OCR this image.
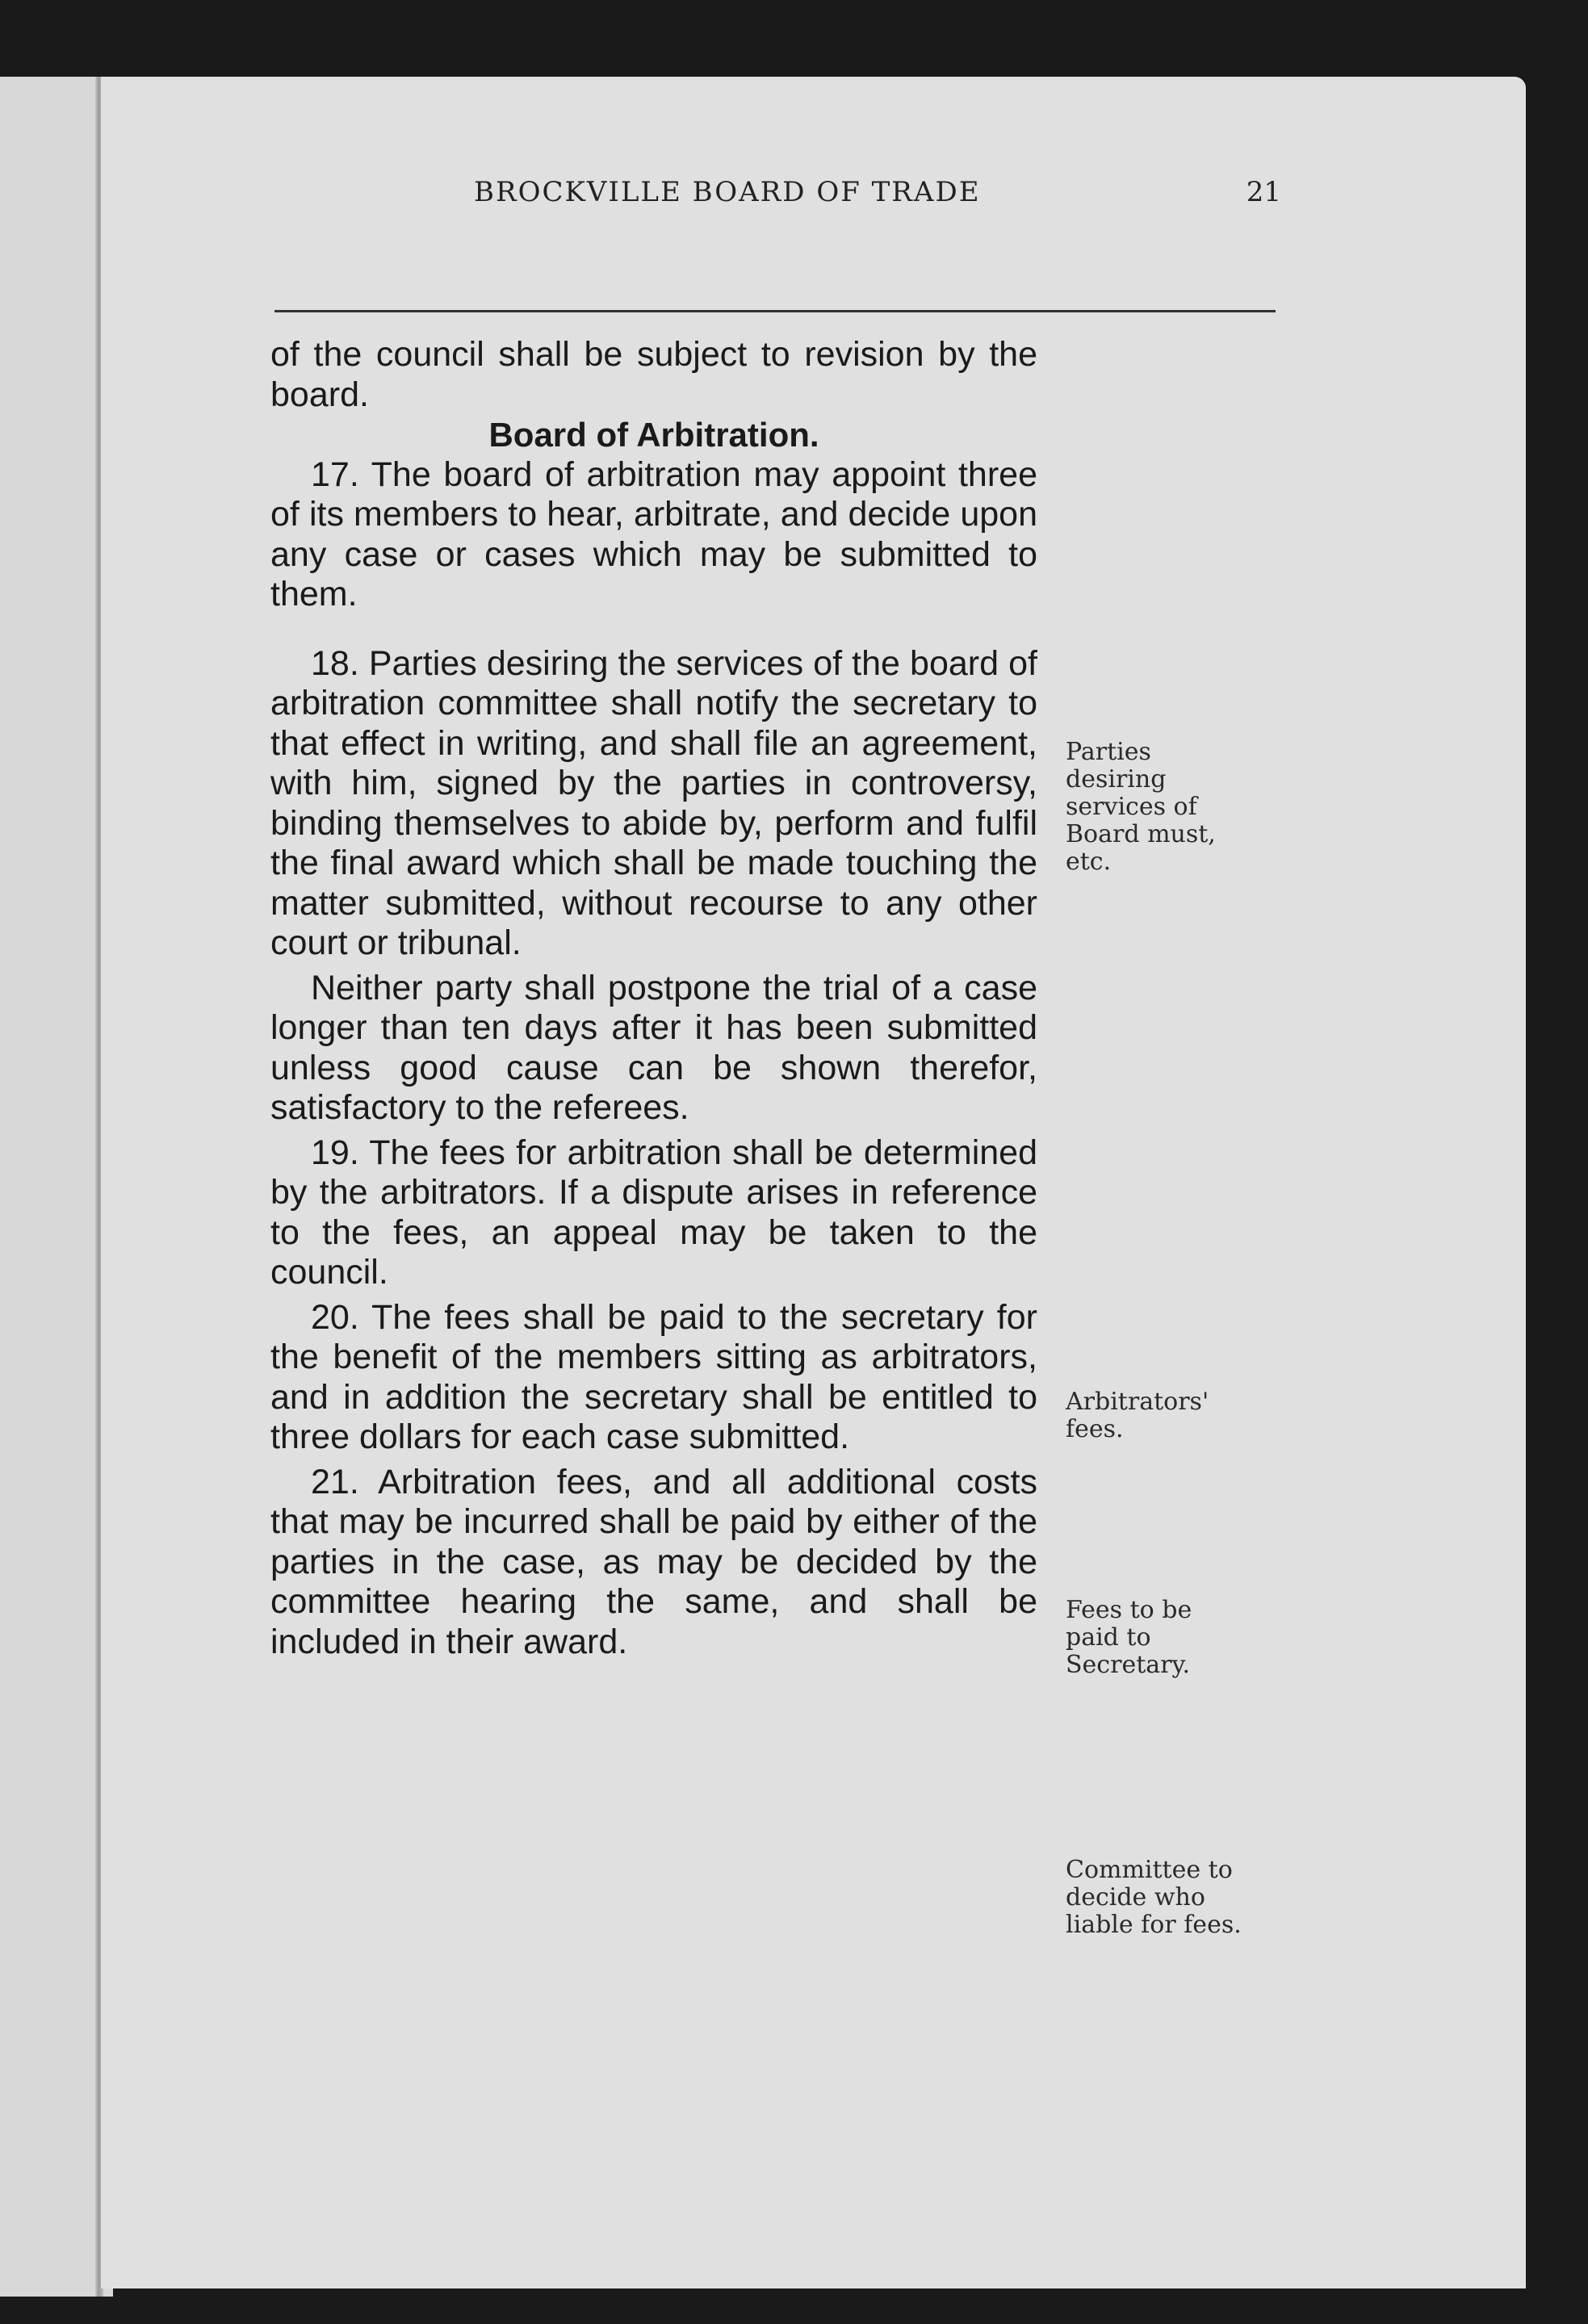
BROCKVILLE BOARD OF TRADE	21

of the council shall be subject to revision by the board.

Board of Arbitration.

17. The board of arbitration may appoint three of its members to hear, arbitrate, and decide upon any case or cases which may be submitted to them.

18. Parties desiring the services of the board of arbitration committee shall notify the secretary to that effect in writing, and shall file an agreement, with him, signed by the parties in controversy, binding themselves to abide by, perform and fulfil the final award which shall be made touching the matter submitted, without recourse to any other court or tribunal.

Neither party shall postpone the trial of a case longer than ten days after it has been submitted unless good cause can be shown therefor, satisfactory to the referees.

19. The fees for arbitration shall be determined by the arbitrators. If a dispute arises in reference to the fees, an appeal may be taken to the council.

20. The fees shall be paid to the secretary for the benefit of the members sitting as arbitrators, and in addition the secretary shall be entitled to three dollars for each case submitted.

21. Arbitration fees, and all additional costs that may be incurred shall be paid by either of the parties in the case, as may be decided by the committee hearing the same, and shall be included in their award.

Parties desiring services of Board must, etc.
Arbitrators' fees.
Fees to be paid to Secretary.
Committee to decide who liable for fees.
